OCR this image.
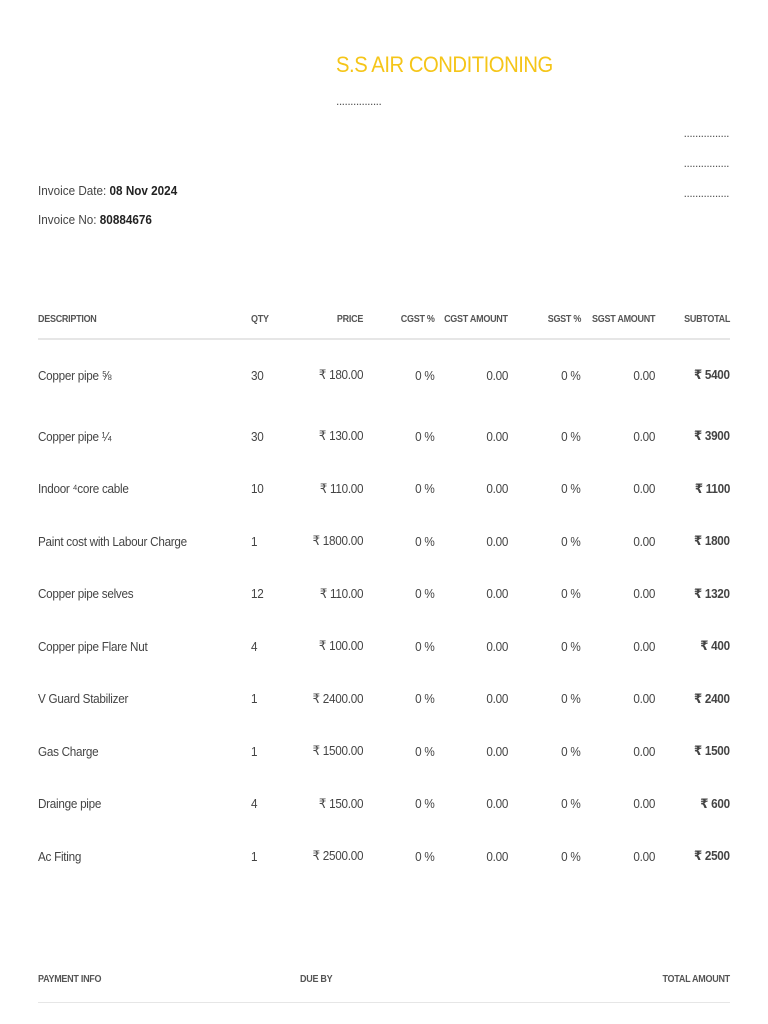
S.S AIR CONDITIONING
................
................
................
................
Invoice Date: 08 Nov 2024
Invoice No: 80884676
DESCRIPTION	QTY	PRICE	CGST %	CGST AMOUNT	SGST %	SGST AMOUNT	SUBTOTAL
Copper pipe ⅝	30	₹ 180.00	0 %	0.00	0 %	0.00	₹ 5400
Copper pipe ¼	30	₹ 130.00	0 %	0.00	0 %	0.00	₹ 3900
Indoor ⁴core cable	10	₹ 110.00	0 %	0.00	0 %	0.00	₹ 1100
Paint cost with Labour Charge	1	₹ 1800.00	0 %	0.00	0 %	0.00	₹ 1800
Copper pipe selves	12	₹ 110.00	0 %	0.00	0 %	0.00	₹ 1320
Copper pipe Flare Nut	4	₹ 100.00	0 %	0.00	0 %	0.00	₹ 400
V Guard Stabilizer	1	₹ 2400.00	0 %	0.00	0 %	0.00	₹ 2400
Gas Charge	1	₹ 1500.00	0 %	0.00	0 %	0.00	₹ 1500
Drainge pipe	4	₹ 150.00	0 %	0.00	0 %	0.00	₹ 600
Ac Fiting	1	₹ 2500.00	0 %	0.00	0 %	0.00	₹ 2500
PAYMENT INFO	DUE BY	TOTAL AMOUNT
